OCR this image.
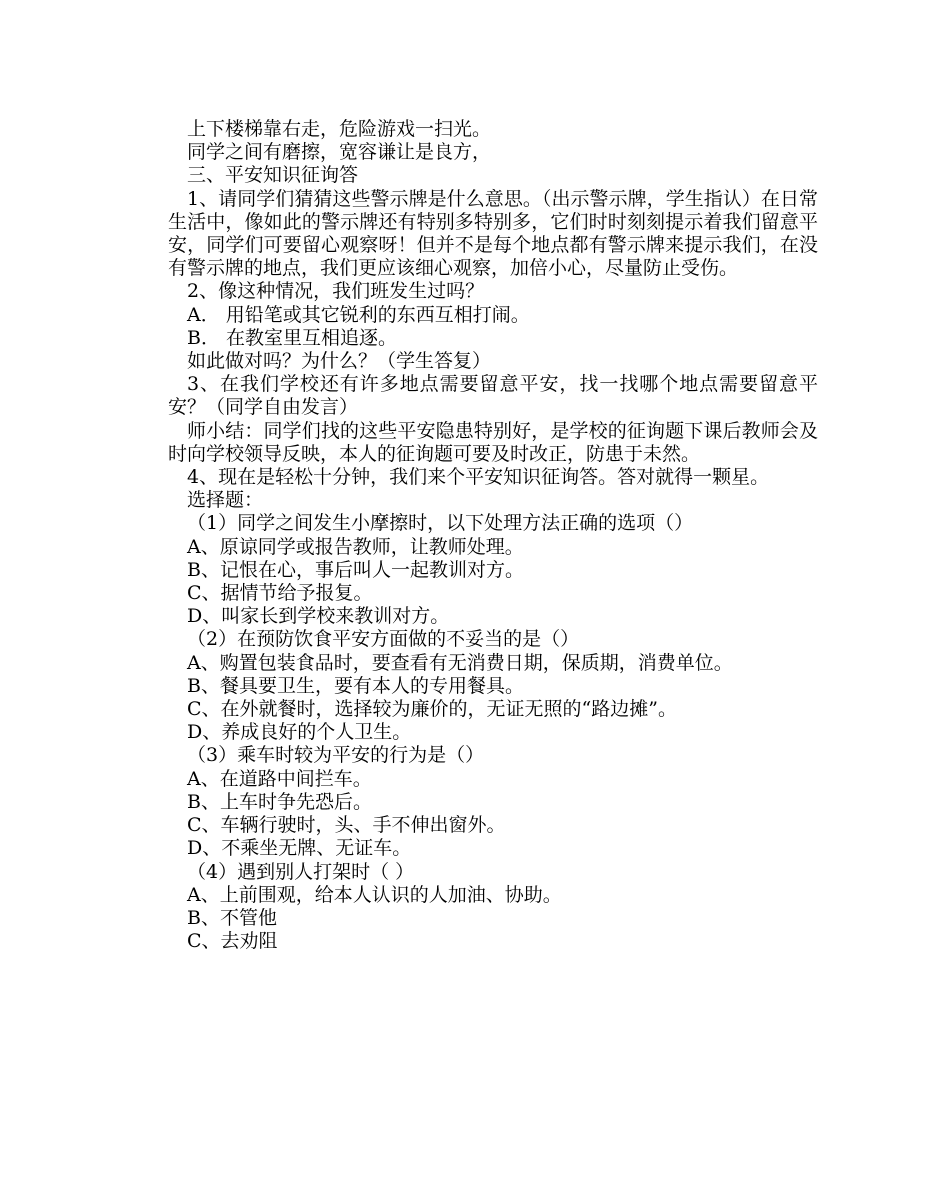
上下楼梯靠右走，危险游戏一扫光。

同学之间有磨擦，宽容谦让是良方，

三、平安知识征询答

1、请同学们猜猜这些警示牌是什么意思。（出示警示牌，学生指认）在日常生活中，像如此的警示牌还有特别多特别多，它们时时刻刻提示着我们留意平安，同学们可要留心观察呀！但并不是每个地点都有警示牌来提示我们，在没有警示牌的地点，我们更应该细心观察，加倍小心，尽量防止受伤。

2、像这种情况，我们班发生过吗？

A． 用铅笔或其它锐利的东西互相打闹。

B． 在教室里互相追逐。

如此做对吗？为什么？（学生答复）

3、在我们学校还有许多地点需要留意平安，找一找哪个地点需要留意平安？（同学自由发言）

师小结：同学们找的这些平安隐患特别好，是学校的征询题下课后教师会及时向学校领导反映，本人的征询题可要及时改正，防患于未然。

4、现在是轻松十分钟，我们来个平安知识征询答。答对就得一颗星。

选择题：

（1）同学之间发生小摩擦时，以下处理方法正确的选项（）

A、原谅同学或报告教师，让教师处理。

B、记恨在心，事后叫人一起教训对方。

C、据情节给予报复。

D、叫家长到学校来教训对方。

（2）在预防饮食平安方面做的不妥当的是（）

A、购置包装食品时，要查看有无消费日期，保质期，消费单位。

B、餐具要卫生，要有本人的专用餐具。

C、在外就餐时，选择较为廉价的，无证无照的“路边摊”。

D、养成良好的个人卫生。

（3）乘车时较为平安的行为是（）

A、在道路中间拦车。

B、上车时争先恐后。

C、车辆行驶时，头、手不伸出窗外。

D、不乘坐无牌、无证车。

（4）遇到别人打架时（ ）

A、上前围观，给本人认识的人加油、协助。

B、不管他

C、去劝阻
